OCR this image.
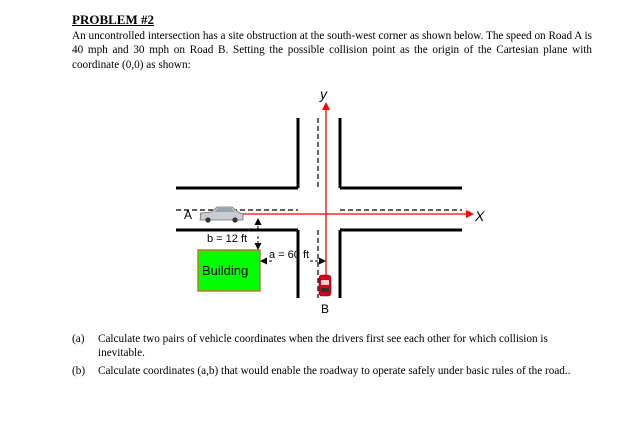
PROBLEM #2

An uncontrolled intersection has a site obstruction at the south-west corner as shown below. The speed on Road A is 40 mph and 30 mph on Road B. Setting the possible collision point as the origin of the Cartesian plane with coordinate (0,0) as shown:

y
X
A
B
Building
b = 12 ft
a = 60 ft
(a)	Calculate two pairs of vehicle coordinates when the drivers first see each other for which collision is inevitable.
(b)	Calculate coordinates (a,b) that would enable the roadway to operate safely under basic rules of the road..
